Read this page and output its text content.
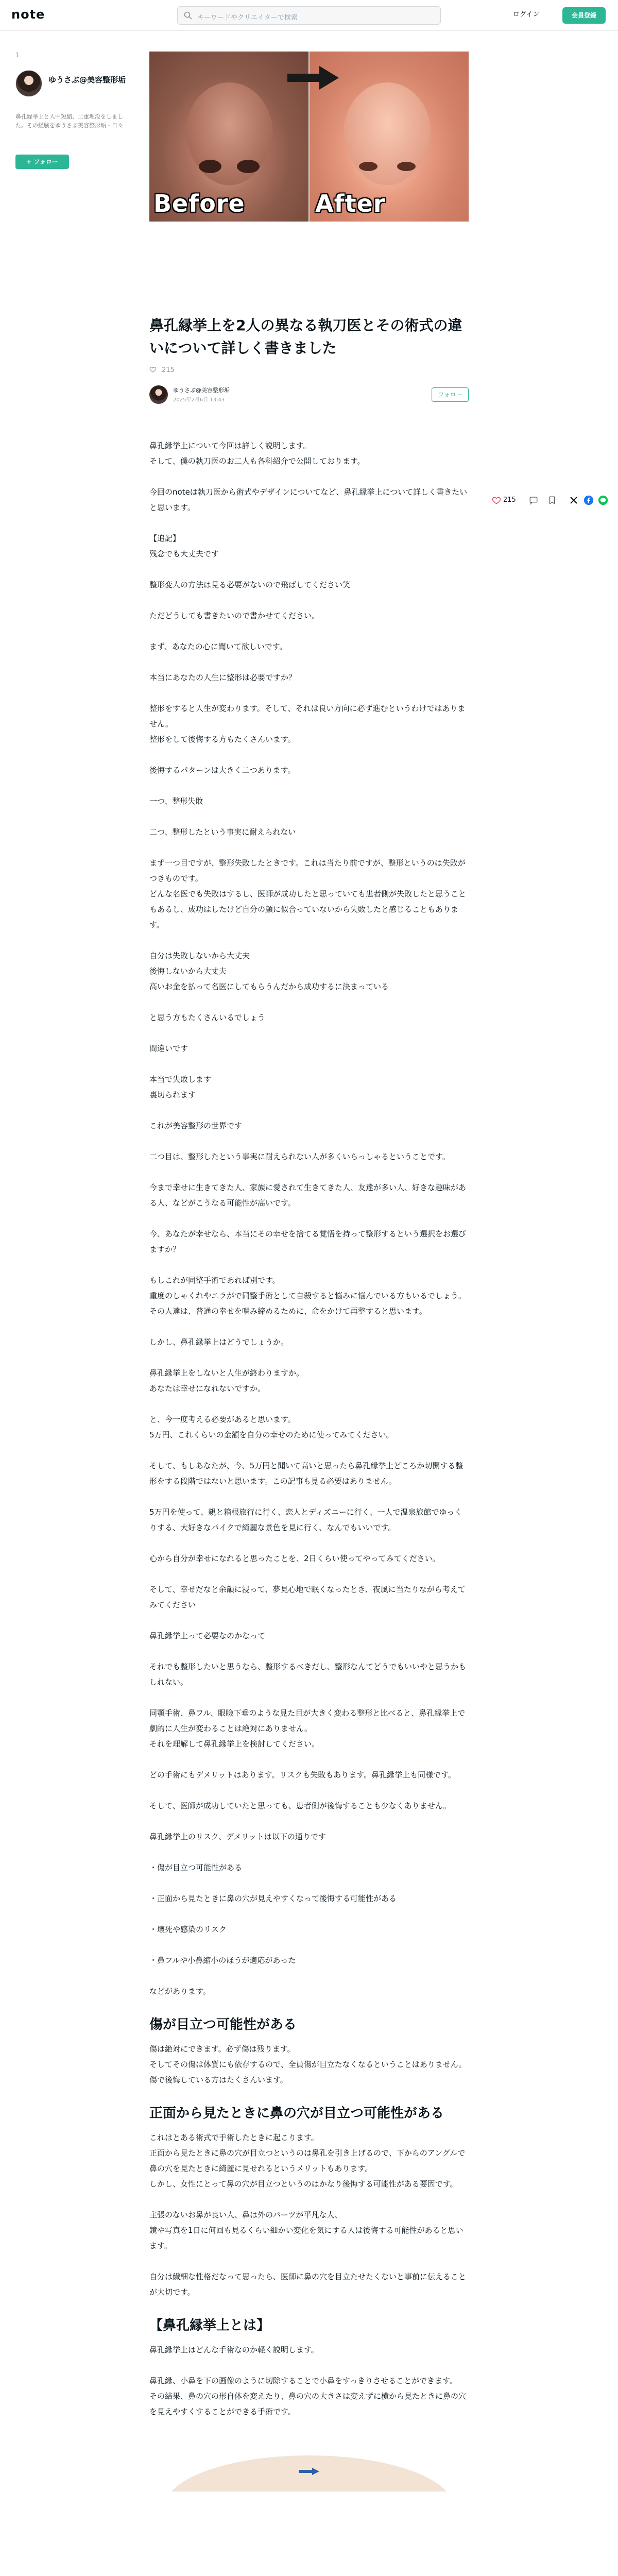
note	キーワードやクリエイターで検索	ログイン	会員登録
1
ゆうさぶ@美容整形垢
鼻孔縁挙上と人中短縮、二重埋没をしました。その経験をゆうさぶ美容整形垢・日々
+ フォロー
215
Before	After
鼻孔縁挙上を2人の異なる執刀医とその術式の違いについて詳しく書きました
215
ゆうさぶ@美容整形垢
2025年2月6日 13:43
フォロー

鼻孔縁挙上について今回は詳しく説明します。
そして、僕の執刀医のお二人も各科紹介で公開しております。

今回のnoteは執刀医から術式やデザインについてなど、鼻孔縁挙上について詳しく書きたいと思います。

【追記】
残念でも大丈夫です

整形変人の方法は見る必要がないので飛ばしてください笑

ただどうしても書きたいので書かせてください。

まず、あなたの心に聞いて欲しいです。

本当にあなたの人生に整形は必要ですか？

整形をすると人生が変わります。そして、それは良い方向に必ず進むというわけではありません。
整形をして後悔する方もたくさんいます。

後悔するパターンは大きく二つあります。

一つ、整形失敗

二つ、整形したという事実に耐えられない

まず一つ目ですが、整形失敗したときです。これは当たり前ですが、整形というのは失敗がつきものです。
どんな名医でも失敗はするし、医師が成功したと思っていても患者側が失敗したと思うこともあるし、成功はしたけど自分の顔に似合っていないから失敗したと感じることもあります。

自分は失敗しないから大丈夫
後悔しないから大丈夫
高いお金を払って名医にしてもらうんだから成功するに決まっている

と思う方もたくさんいるでしょう

間違いです

本当で失敗します
裏切られます

これが美容整形の世界です

二つ目は、整形したという事実に耐えられない人が多くいらっしゃるということです。

今まで幸せに生きてきた人、家族に愛されて生きてきた人、友達が多い人、好きな趣味がある人、などがこうなる可能性が高いです。

今、あなたが幸せなら、本当にその幸せを捨てる覚悟を持って整形するという選択をお選びますか？

もしこれが同整手術であれば別です。
重度のしゃくれやエラがで同整手術として自殺すると悩みに悩んでいる方もいるでしょう。
その人達は、普通の幸せを噛み締めるために、命をかけて再整すると思います。

しかし、鼻孔縁挙上はどうでしょうか。

鼻孔縁挙上をしないと人生が終わりますか。
あなたは幸せになれないですか。

と、今一度考える必要があると思います。
5万円、これくらいの金額を自分の幸せのために使ってみてください。

そして、もしあなたが、今、5万円と聞いて高いと思ったら鼻孔縁挙上どころか切開する整形をする段階ではないと思います。この記事も見る必要はありません。

5万円を使って、親と箱根旅行に行く、恋人とディズニーに行く、一人で温泉旅館でゆっくりする、大好きなパイクで綺麗な景色を見に行く、なんでもいいです。

心から自分が幸せになれると思ったことを、2日くらい使ってやってみてください。

そして、幸せだなと余韻に浸って、夢見心地で眠くなったとき、夜風に当たりながら考えてみてください

鼻孔縁挙上って必要なのかなって

それでも整形したいと思うなら、整形するべきだし、整形なんてどうでもいいやと思うかもしれない。

同顎手術、鼻フル、眼瞼下垂のような見た目が大きく変わる整形と比べると、鼻孔縁挙上で劇的に人生が変わることは絶対にありません。
それを理解して鼻孔縁挙上を検討してください。

どの手術にもデメリットはあります。リスクも失敗もあります。鼻孔縁挙上も同様です。

そして、医師が成功していたと思っても、患者側が後悔することも少なくありません。

鼻孔縁挙上のリスク、デメリットは以下の通りです

・傷が目立つ可能性がある

・正面から見たときに鼻の穴が見えやすくなって後悔する可能性がある

・壊死や感染のリスク

・鼻フルや小鼻縮小のほうが適応があった

などがあります。

傷が目立つ可能性がある

傷は絶対にできます。必ず傷は残ります。
そしてその傷は体質にも依存するので、全員傷が目立たなくなるということはありません。
傷で後悔している方はたくさんいます。

正面から見たときに鼻の穴が目立つ可能性がある

これはとある術式で手術したときに起こります。
正面から見たときに鼻の穴が目立つというのは鼻孔を引き上げるので、下からのアングルで鼻の穴を見たときに綺麗に見せれるというメリットもあります。
しかし、女性にとって鼻の穴が目立つというのはかなり後悔する可能性がある要因です。

主張のないお鼻が良い人、鼻は外のパーツが平凡な人、
鏡や写真を1日に何回も見るくらい細かい変化を気にする人は後悔する可能性があると思います。

自分は繊細な性格だなって思ったら、医師に鼻の穴を目立たせたくないと事前に伝えることが大切です。

【鼻孔縁挙上とは】

鼻孔縁挙上はどんな手術なのか軽く説明します。

鼻孔縁、小鼻を下の画像のように切除することで小鼻をすっきりさせることができます。
その結果、鼻の穴の形自体を変えたり、鼻の穴の大きさは変えずに横から見たときに鼻の穴を見えやすくすることができる手術です。
